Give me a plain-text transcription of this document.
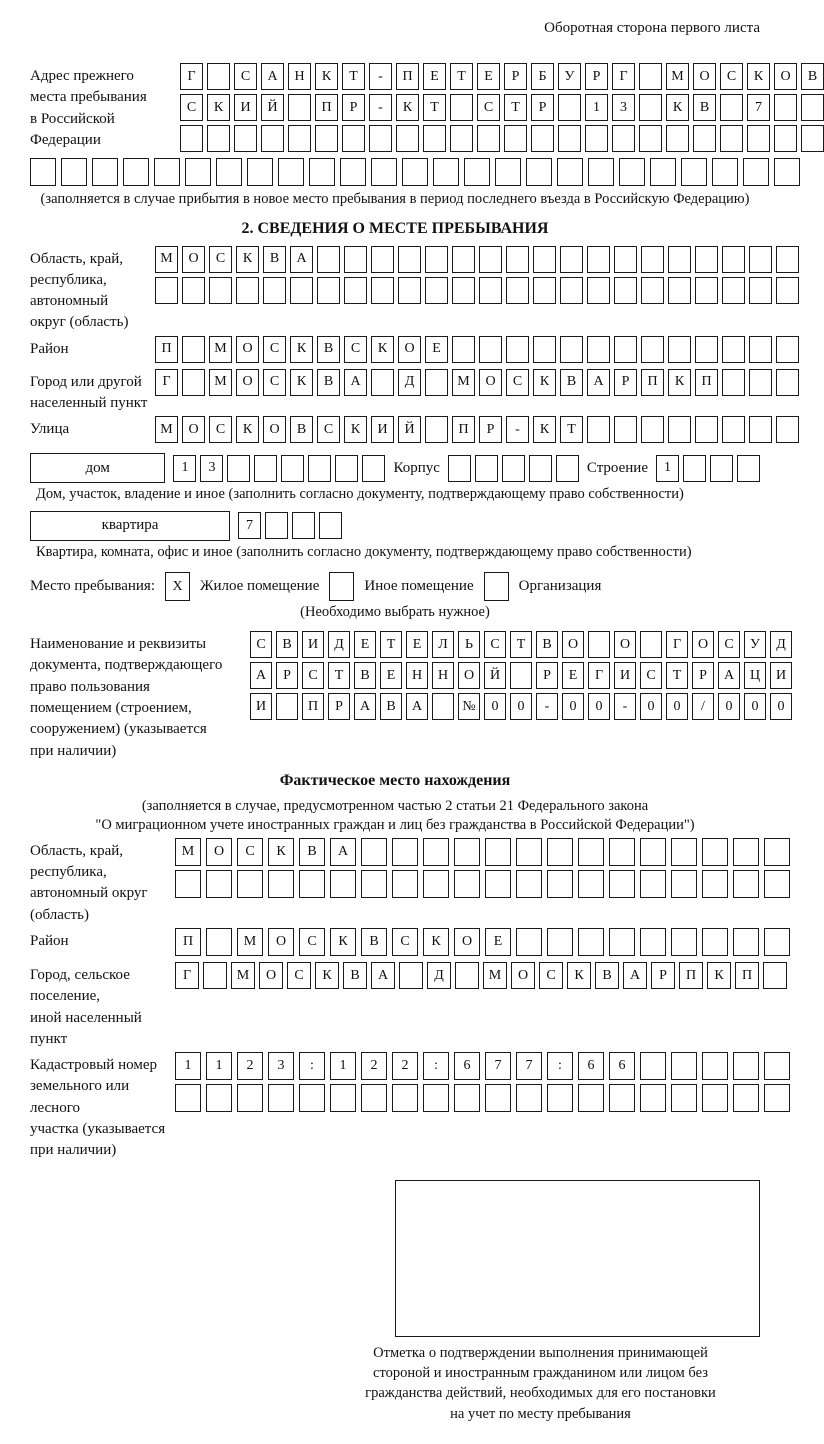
Оборотная сторона первого листа
Адрес прежнего
места пребывания
в Российской
Федерации
Г	С	А	Н	К	Т	-	П	Е	Т	Е	Р	Б	У	Р	Г	М	О	С	К	О	В
С	К	И	Й	П	Р	-	К	Т	С	Т	Р	1	3	К	В	7
(заполняется в случае прибытия в новое место пребывания в период последнего въезда в Российскую Федерацию)
2. СВЕДЕНИЯ О МЕСТЕ ПРЕБЫВАНИЯ
Область, край,
республика,
автономный
округ (область)
М	О	С	К	В	А
Район	П	М	О	С	К	В	С	К	О	Е
Город или другой
населенный пункт
Г	М	О	С	К	В	А	Д	М	О	С	К	В	А	Р	П	К	П
Улица	М	О	С	К	О	В	С	К	И	Й	П	Р	-	К	Т
дом	1	3	Корпус	Строение	1
Дом, участок, владение и иное (заполнить согласно документу, подтверждающему право собственности)
квартира	7
Квартира, комната, офис и иное (заполнить согласно документу, подтверждающему право собственности)
Место пребывания:	X	Жилое помещение	Иное помещение	Организация
(Необходимо выбрать нужное)
Наименование и реквизиты
документа, подтверждающего
право пользования
помещением (строением,
сооружением) (указывается
при наличии)
С	В	И	Д	Е	Т	Е	Л	Ь	С	Т	В	О	О	Г	О	С	У	Д
А	Р	С	Т	В	Е	Н	Н	О	Й	Р	Е	Г	И	С	Т	Р	А	Ц	И
И	П	Р	А	В	А	№	0	0	-	0	0	-	0	0	/	0	0	0
Фактическое место нахождения
(заполняется в случае, предусмотренном частью 2 статьи 21 Федерального закона
"О миграционном учете иностранных граждан и лиц без гражданства в Российской Федерации")
Область, край,
республика,
автономный округ
(область)
М	О	С	К	В	А
Район	П	М	О	С	К	В	С	К	О	Е
Город, сельское поселение,
иной населенный пункт
Г	М	О	С	К	В	А	Д	М	О	С	К	В	А	Р	П	К	П
Кадастровый номер
земельного или лесного
участка (указывается
при наличии)
1	1	2	3	:	1	2	2	:	6	7	7	:	6	6
Отметка о подтверждении выполнения принимающей
стороной и иностранным гражданином или лицом без
гражданства действий, необходимых для его постановки
на учет по месту пребывания
